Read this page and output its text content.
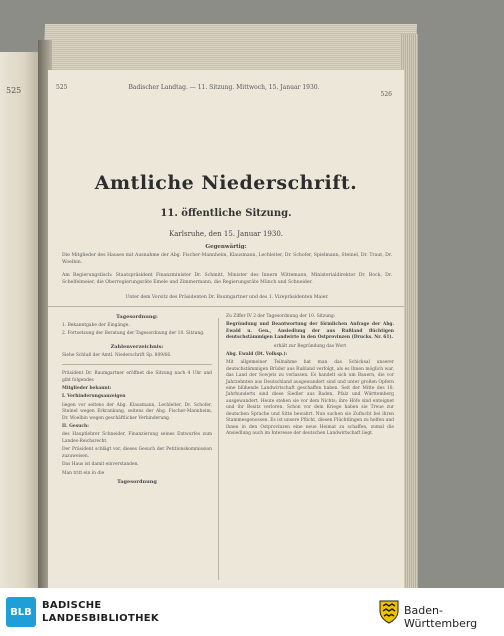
525	525	Badischer Landtag. — 11. Sitzung. Mittwoch, 15. Januar 1930.
526
Amtliche Niederschrift.
11. öffentliche Sitzung.
Karlsruhe, den 15. Januar 1930.
Gegenwärtig:
Die Mitglieder des Hauses mit Ausnahme der Abg. Fischer-Mannheim, Klausmann, Lechleiter, Dr. Schofer, Spielmann, Steinel, Dr. Traut, Dr. Woelbin.
Am Regierungstisch: Staatspräsident Finanzminister Dr. Schmitt, Minister des Innern Wittemann, Ministerialdirektor Dr. Bock, Dr. Schelfelmeier, die Oberregierungsräte Emele und Zimmermann, die Regierungsräte Münch und Schneider.
Unter dem Vorsitz des Präsidenten Dr. Baumgartner und des 1. Vizepräsidenten Maier.
Tagesordnung:
1. Bekanntgabe der Eingänge.
2. Fortsetzung der Beratung der Tagesordnung der 10. Sitzung.
Zahlenverzeichnis:
Siehe Schluß der Amtl. Niederschrift Sp. 809/66.
Präsident Dr. Baumgartner eröffnet die Sitzung nach 4 Uhr und gibt folgendes
Mitglieder bekannt:
I. Verhinderungsanzeigen
liegen vor seitens der Abg. Klausmann, Lechleiter, Dr. Schofer, Steinel wegen Erkrankung, seitens der Abg. Fischer-Mannheim, Dr. Woelbin wegen geschäftlicher Verhinderung.
II. Gesuch:
des Hauptlehrer Schneider, Finanzierung seines Entwurfes zum Landes-Reichsrecht.
Der Präsident schlägt vor, dieses Gesuch der Petitionskommission zuzuweisen.
Das Haus ist damit einverstanden.
Man tritt ein in die
Tagesordnung
Zu Ziffer IV 2 der Tagesordnung der 10. Sitzung:
Begründung und Beantwortung der förmlichen Anfrage der Abg. Ewald u. Gen., Ansiedlung der aus Rußland flüchtigen deutschstämmigen Landwirte in den Ostprovinzen (Drucks. Nr. 61).
erhält zur Begründung das Wort
Abg. Ewald (Dt. Volksp.):
Mit allgemeiner Teilnahme hat man das Schicksal unserer deutschstämmigen Brüder aus Rußland verfolgt, als es Ihnen möglich war, das Land der Sowjets zu verlassen. Es handelt sich um Bauern, die vor Jahrzehnten aus Deutschland ausgewandert sind und unter großen Opfern eine blühende Landwirtschaft geschaffen haben. Seit der Mitte des 18. Jahrhunderts sind diese Siedler aus Baden, Pfalz und Württemberg ausgewandert. Heute stehen sie vor dem Nichts; ihre Höfe sind enteignet und ihr Besitz verloren. Schon vor dem Kriege haben sie Treue zur deutschen Sprache und Sitte bewahrt. Nun suchen sie Zuflucht bei ihren Stammesgenossen. Es ist unsere Pflicht, diesen Flüchtlingen zu helfen und ihnen in den Ostprovinzen eine neue Heimat zu schaffen, zumal die Ansiedlung auch im Interesse der deutschen Landwirtschaft liegt.
BLB
BADISCHE
LANDESBIBLIOTHEK
Baden-Württemberg
